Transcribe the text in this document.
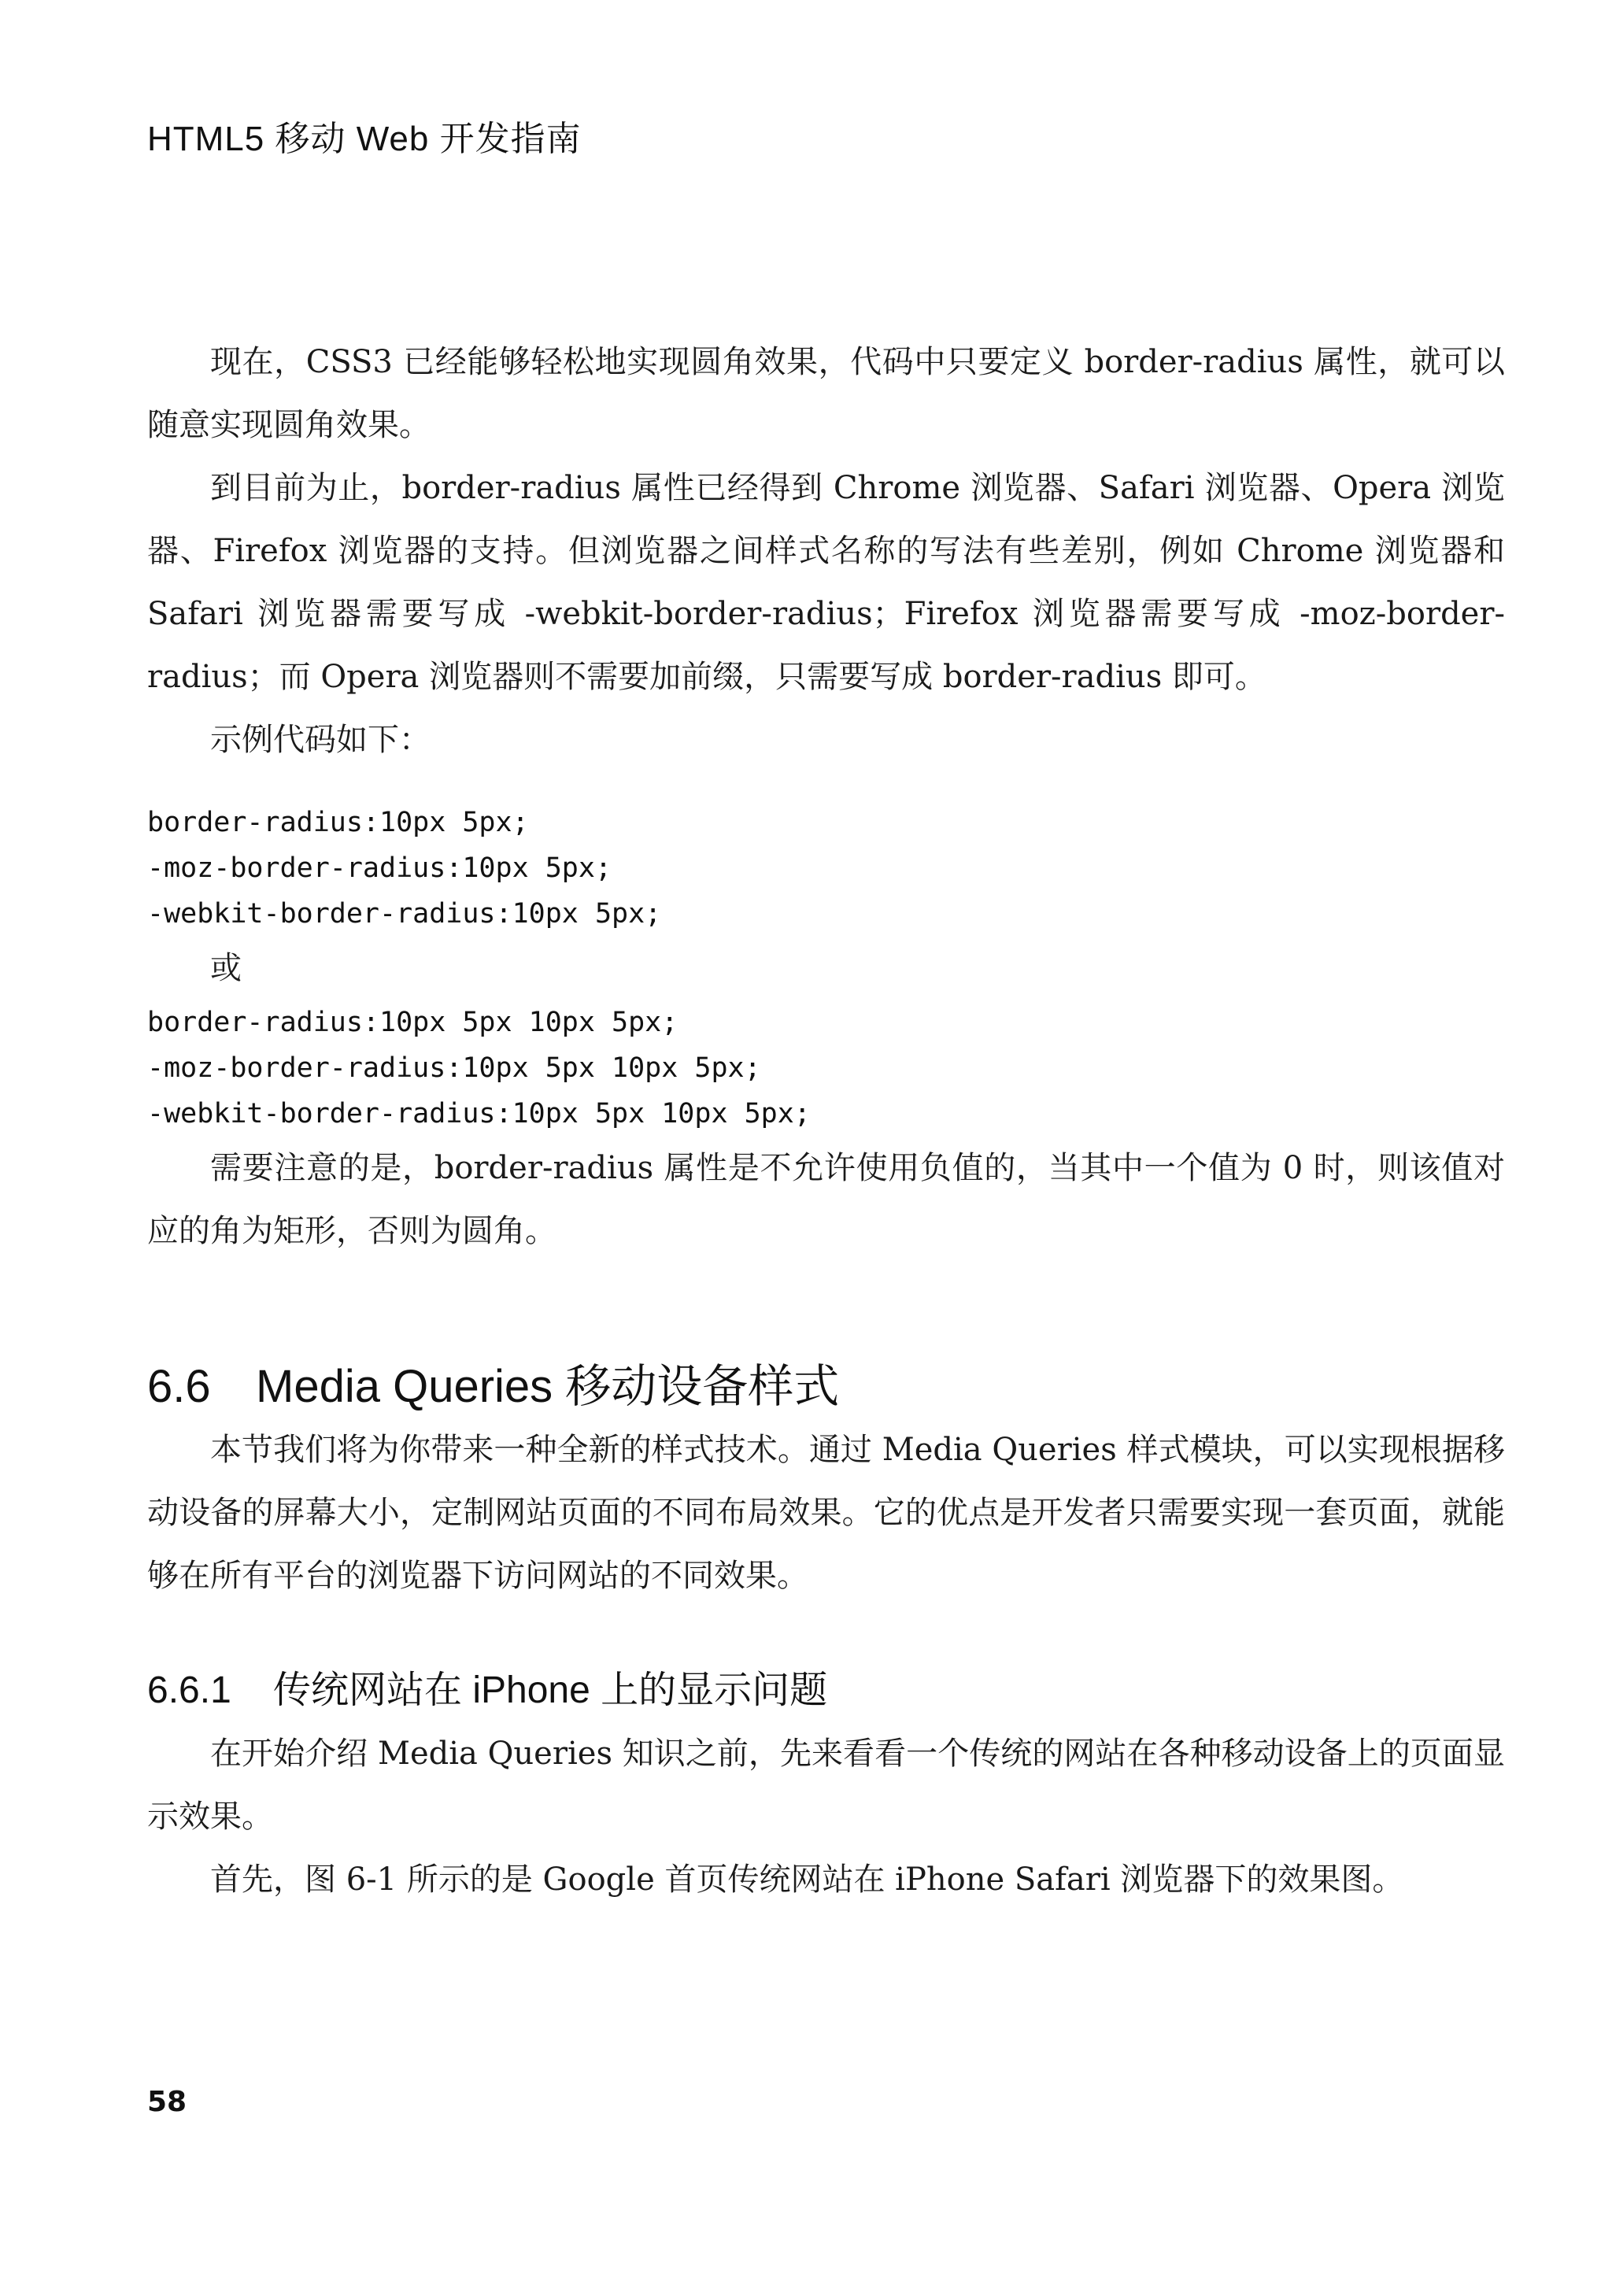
HTML5 移动 Web 开发指南

现在，CSS3 已经能够轻松地实现圆角效果，代码中只要定义 border-radius 属性，就可以随意实现圆角效果。

到目前为止，border-radius 属性已经得到 Chrome 浏览器、Safari 浏览器、Opera 浏览器、Firefox 浏览器的支持。但浏览器之间样式名称的写法有些差别，例如 Chrome 浏览器和 Safari 浏览器需要写成 -webkit-border-radius；Firefox 浏览器需要写成 -moz-border-radius；而 Opera 浏览器则不需要加前缀，只需要写成 border-radius 即可。

示例代码如下：

border-radius:10px 5px;
-moz-border-radius:10px 5px;
-webkit-border-radius:10px 5px;

或

border-radius:10px 5px 10px 5px;
-moz-border-radius:10px 5px 10px 5px;
-webkit-border-radius:10px 5px 10px 5px;

需要注意的是，border-radius 属性是不允许使用负值的，当其中一个值为 0 时，则该值对应的角为矩形，否则为圆角。

6.6 Media Queries 移动设备样式

本节我们将为你带来一种全新的样式技术。通过 Media Queries 样式模块，可以实现根据移动设备的屏幕大小，定制网站页面的不同布局效果。它的优点是开发者只需要实现一套页面，就能够在所有平台的浏览器下访问网站的不同效果。

6.6.1 传统网站在 iPhone 上的显示问题

在开始介绍 Media Queries 知识之前，先来看看一个传统的网站在各种移动设备上的页面显示效果。

首先，图 6-1 所示的是 Google 首页传统网站在 iPhone Safari 浏览器下的效果图。

58
